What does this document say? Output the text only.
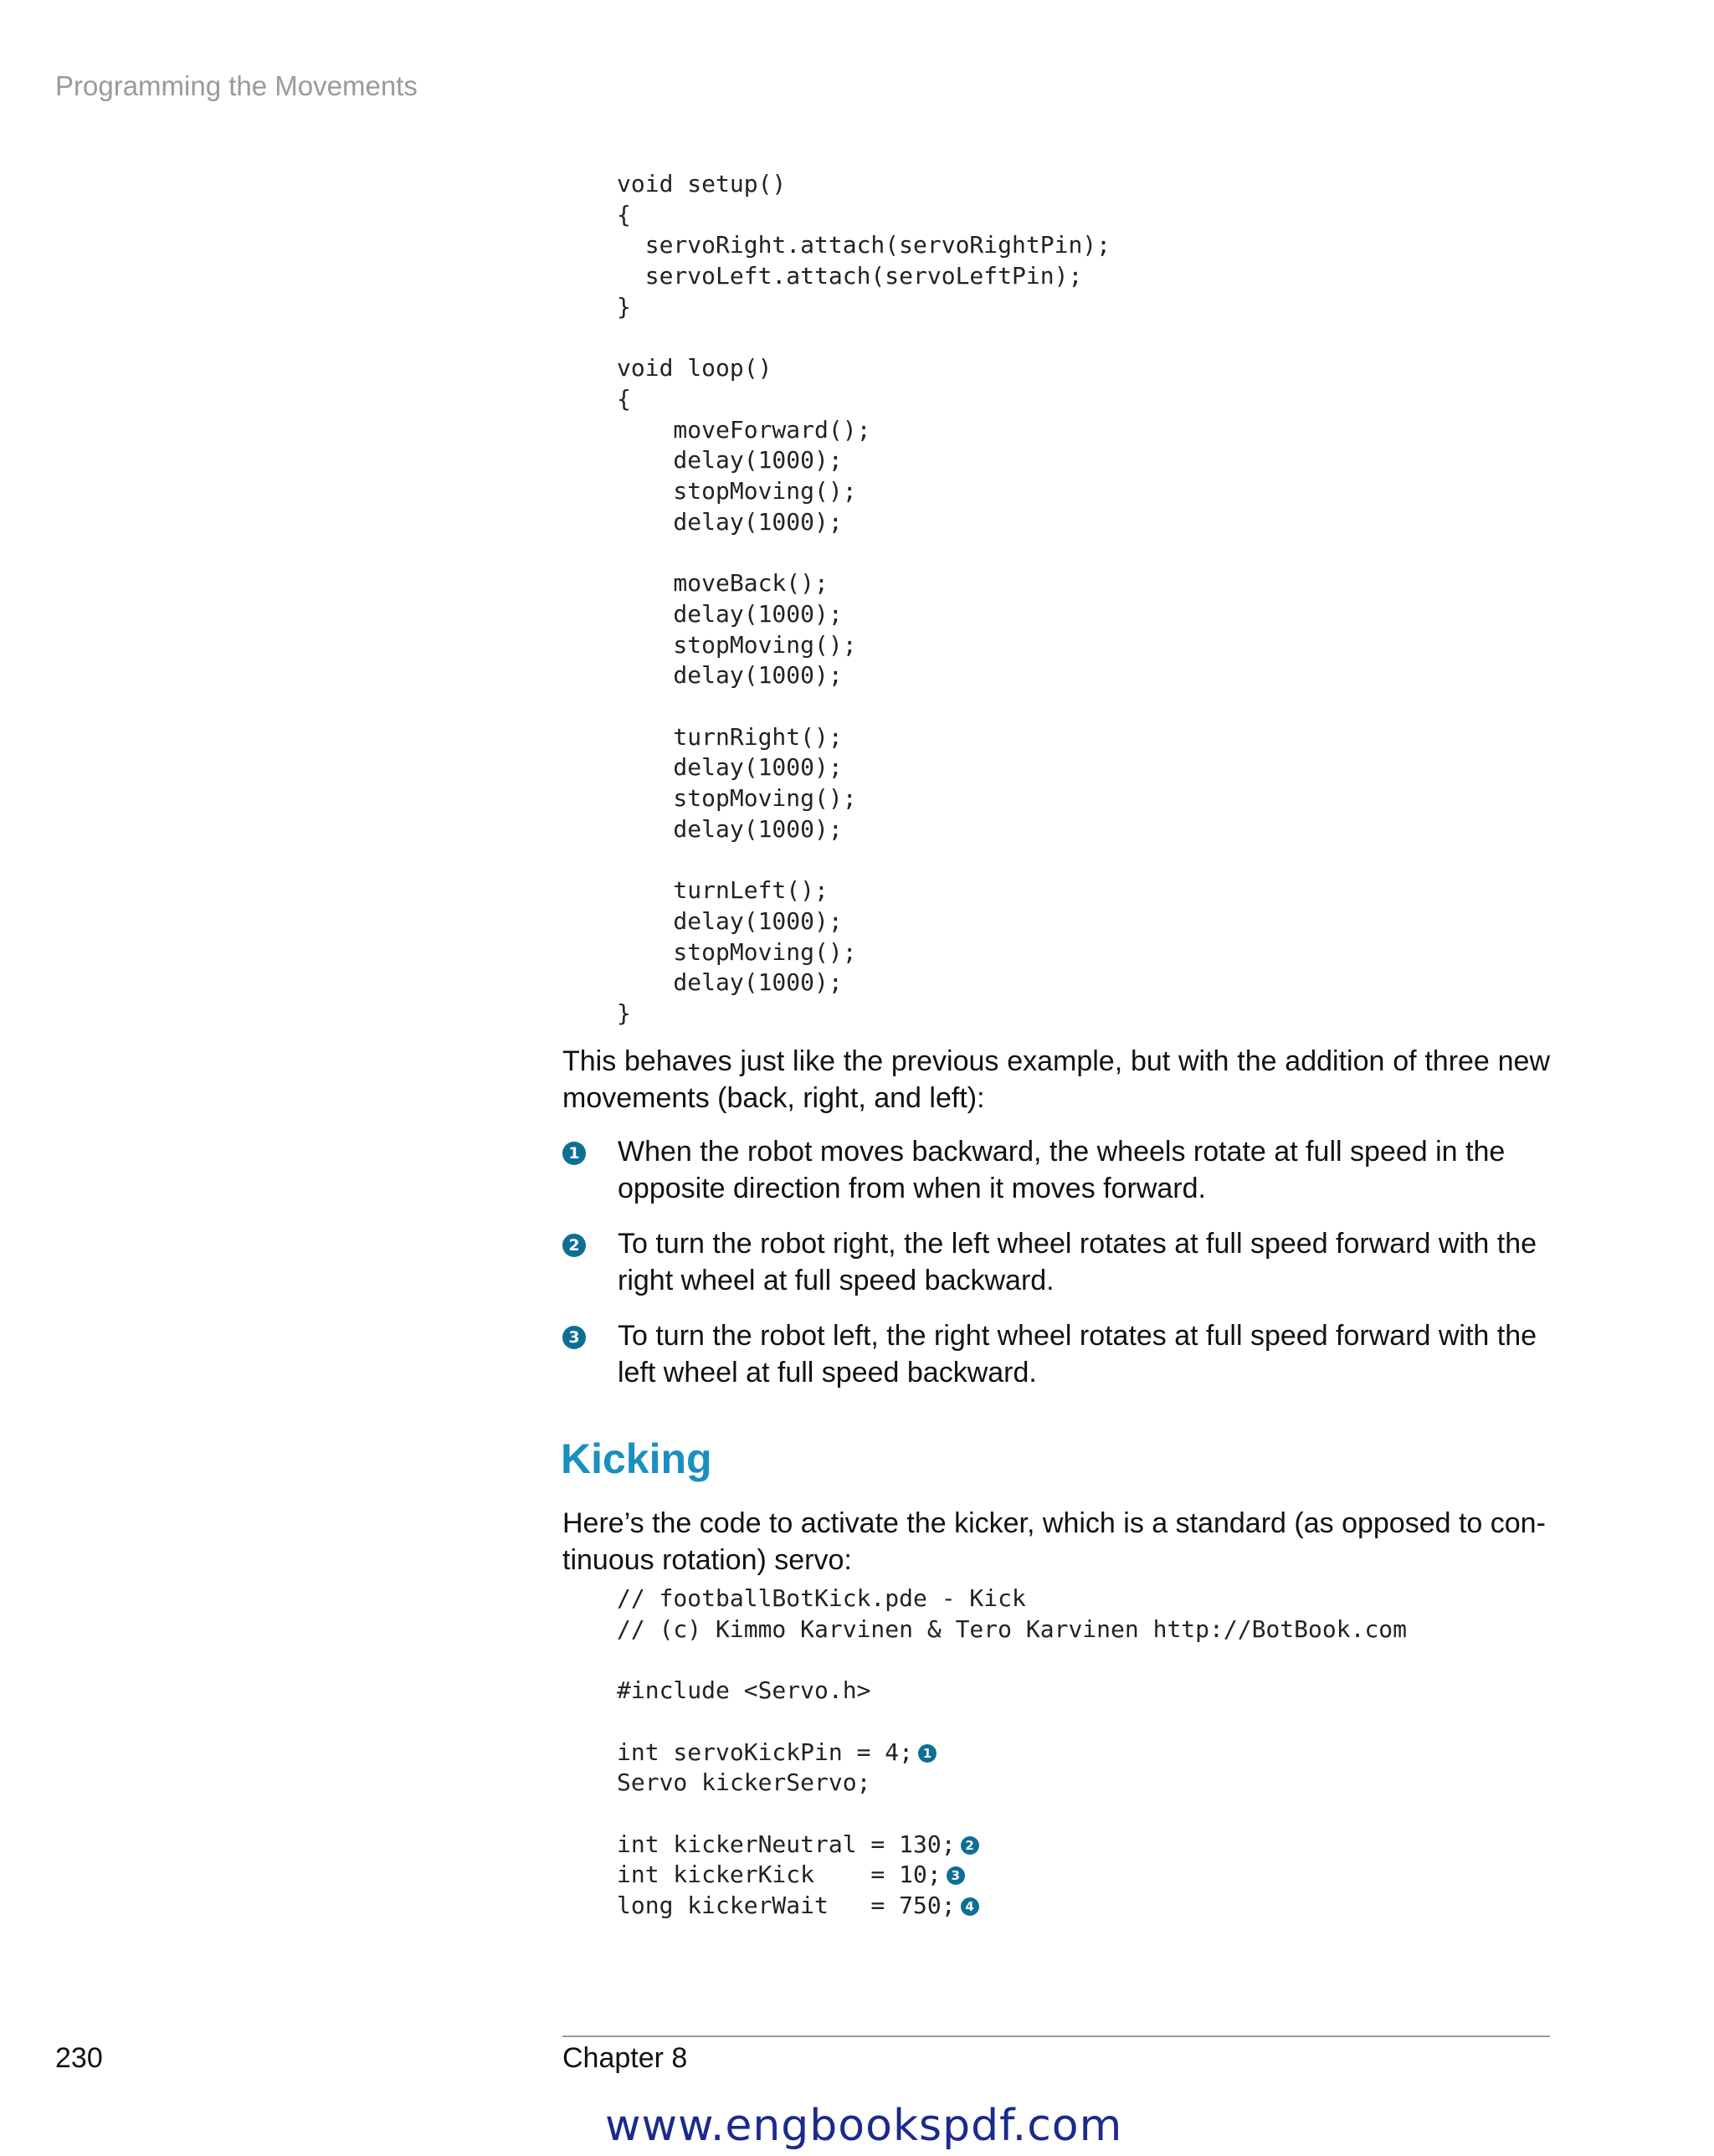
Programming the Movements
void setup()
{
servoRight.attach(servoRightPin);
servoLeft.attach(servoLeftPin);
}

void loop()
{
moveForward();
delay(1000);
stopMoving();
delay(1000);

moveBack();
delay(1000);
stopMoving();
delay(1000);

turnRight();
delay(1000);
stopMoving();
delay(1000);

turnLeft();
delay(1000);
stopMoving();
delay(1000);
}

This behaves just like the previous example, but with the addition of three new movements (back, right, and left):

1 When the robot moves backward, the wheels rotate at full speed in the opposite direction from when it moves forward.
2 To turn the robot right, the left wheel rotates at full speed forward with the right wheel at full speed backward.
3 To turn the robot left, the right wheel rotates at full speed forward with the left wheel at full speed backward.
Kicking

Here’s the code to activate the kicker, which is a standard (as opposed to con-tinuous rotation) servo:

// footballBotKick.pde - Kick
// (c) Kimmo Karvinen & Tero Karvinen http://BotBook.com

#include <Servo.h>

int servoKickPin = 4; 1
Servo kickerServo;

int kickerNeutral = 130; 2
int kickerKick    = 10; 3
long kickerWait   = 750; 4
230	Chapter 8
www.engbookspdf.com
